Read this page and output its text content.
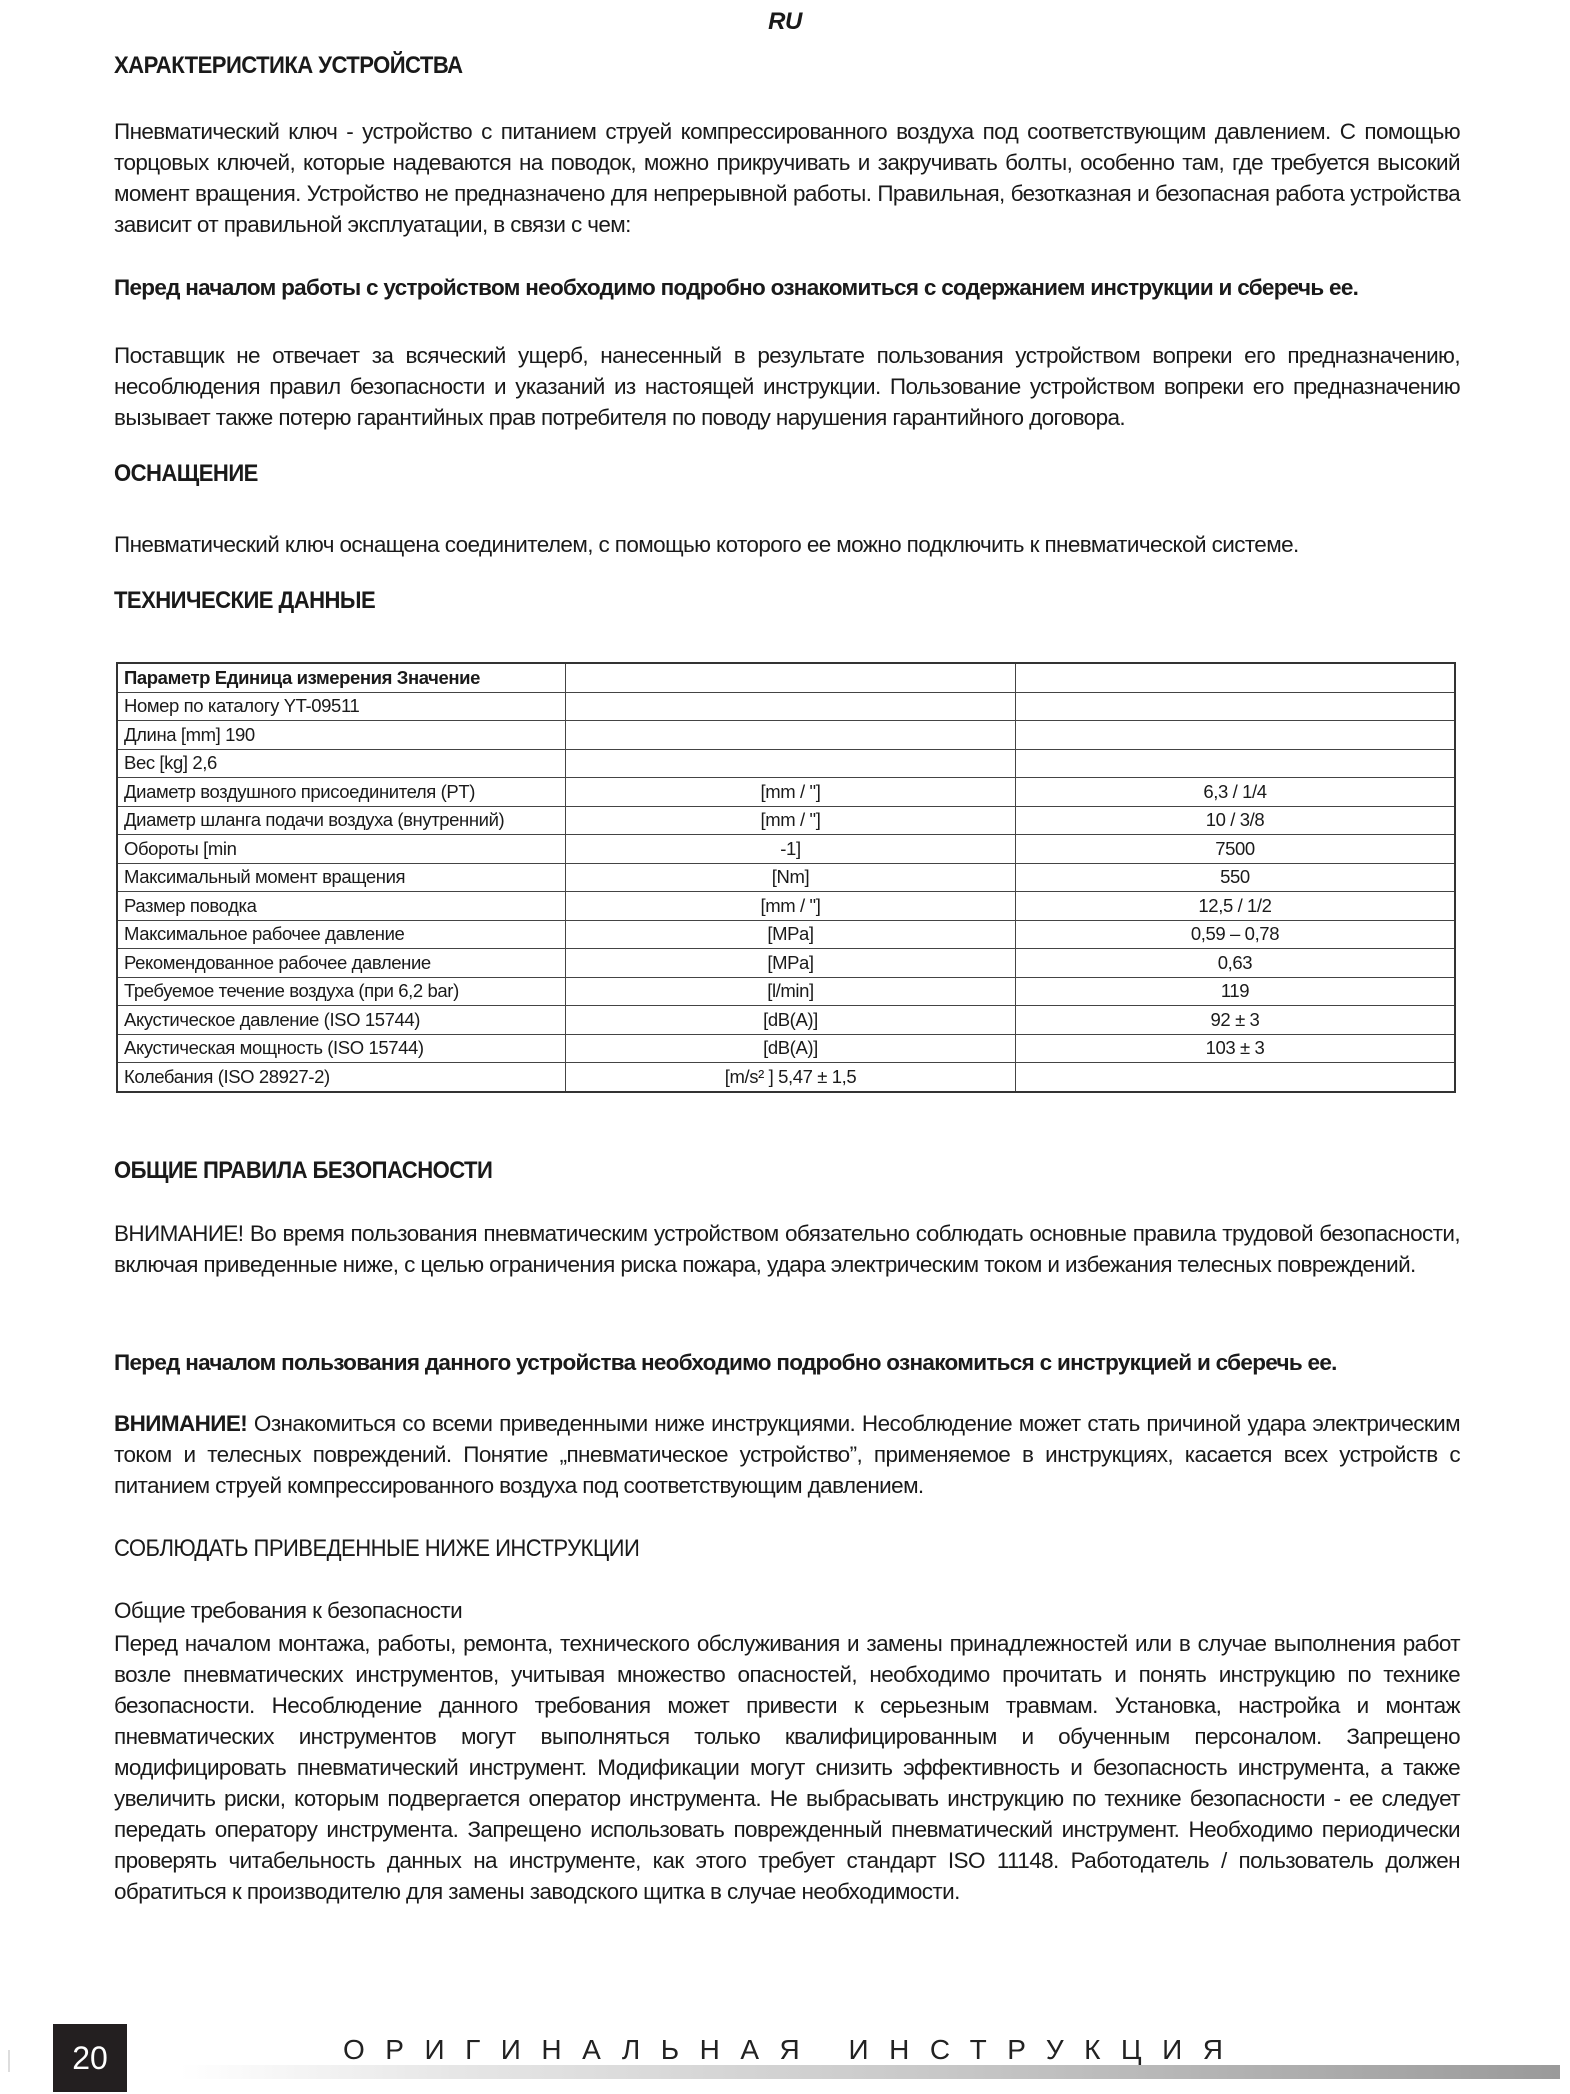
RU
ХАРАКТЕРИСТИКА УСТРОЙСТВА
Пневматический ключ - устройство с питанием струей компрессированного воздуха под соответствующим давлением. С помощью торцовых ключей, которые надеваются на поводок, можно прикручивать и закручивать болты, особенно там, где требуется высокий момент вращения. Устройство не предназначено для непрерывной работы. Правильная, безотказная и безопасная работа устройства зависит от правильной эксплуатации, в связи с чем:
Перед началом работы с устройством необходимо подробно ознакомиться с содержанием инструкции и сберечь ее.
Поставщик не отвечает за всяческий ущерб, нанесенный в результате пользования устройством вопреки его предназначению, несоблюдения правил безопасности и указаний из настоящей инструкции. Пользование устройством вопреки его предназначению вызывает также потерю гарантийных прав потребителя по поводу нарушения гарантийного договора.
ОСНАЩЕНИЕ
Пневматический ключ оснащена соединителем, с помощью которого ее можно подключить к пневматической системе.
ТЕХНИЧЕСКИЕ ДАННЫЕ
Параметр Единица измерения Значение		
Номер по каталогу YT-09511		
Длина [mm] 190		
Вес [kg] 2,6		
Диаметр воздушного присоединителя (PT)	[mm / "]	6,3 / 1/4
Диаметр шланга подачи воздуха (внутренний)	[mm / "]	10 / 3/8
Обороты [min	-1]	7500
Максимальный момент вращения	[Nm]	550
Размер поводка	[mm / "]	12,5 / 1/2
Максимальное рабочее давление	[MPa]	0,59 – 0,78
Рекомендованное рабочее давление	[MPa]	0,63
Требуемое течение воздуха (при 6,2 bar)	[l/min]	119
Акустическое давление (ISO 15744)	[dB(A)]	92 ± 3
Акустическая мощность (ISO 15744)	[dB(A)]	103 ± 3
Колебания (ISO 28927-2)	[m/s² ] 5,47 ± 1,5	
ОБЩИЕ ПРАВИЛА БЕЗОПАСНОСТИ
ВНИМАНИЕ! Во время пользования пневматическим устройством обязательно соблюдать основные правила трудовой безопасности, включая приведенные ниже, с целью ограничения риска пожара, удара электрическим током и избежания телесных повреждений.
Перед началом пользования данного устройства необходимо подробно ознакомиться с инструкцией и сберечь ее.
ВНИМАНИЕ! Ознакомиться со всеми приведенными ниже инструкциями. Несоблюдение может стать причиной удара электрическим током и телесных повреждений. Понятие „пневматическое устройство”, применяемое в инструкциях, касается всех устройств с питанием струей компрессированного воздуха под соответствующим давлением.
СОБЛЮДАТЬ ПРИВЕДЕННЫЕ НИЖЕ ИНСТРУКЦИИ
Общие требования к безопасности
Перед началом монтажа, работы, ремонта, технического обслуживания и замены принадлежностей или в случае выполнения работ возле пневматических инструментов, учитывая множество опасностей, необходимо прочитать и понять инструкцию по технике безопасности. Несоблюдение данного требования может привести к серьезным травмам. Установка, настройка и монтаж пневматических инструментов могут выполняться только квалифицированным и обученным персоналом. Запрещено модифицировать пневматический инструмент. Модификации могут снизить эффективность и безопасность инструмента, а также увеличить риски, которым подвергается оператор инструмента. Не выбрасывать инструкцию по технике безопасности - ее следует передать оператору инструмента. Запрещено использовать поврежденный пневматический инструмент. Необходимо периодически проверять читабельность данных на инструменте, как этого требует стандарт ISO 11148. Работодатель / пользователь должен обратиться к производителю для замены заводского щитка в случае необходимости.
20	ОРИГИНАЛЬНАЯ ИНСТРУКЦИЯ
